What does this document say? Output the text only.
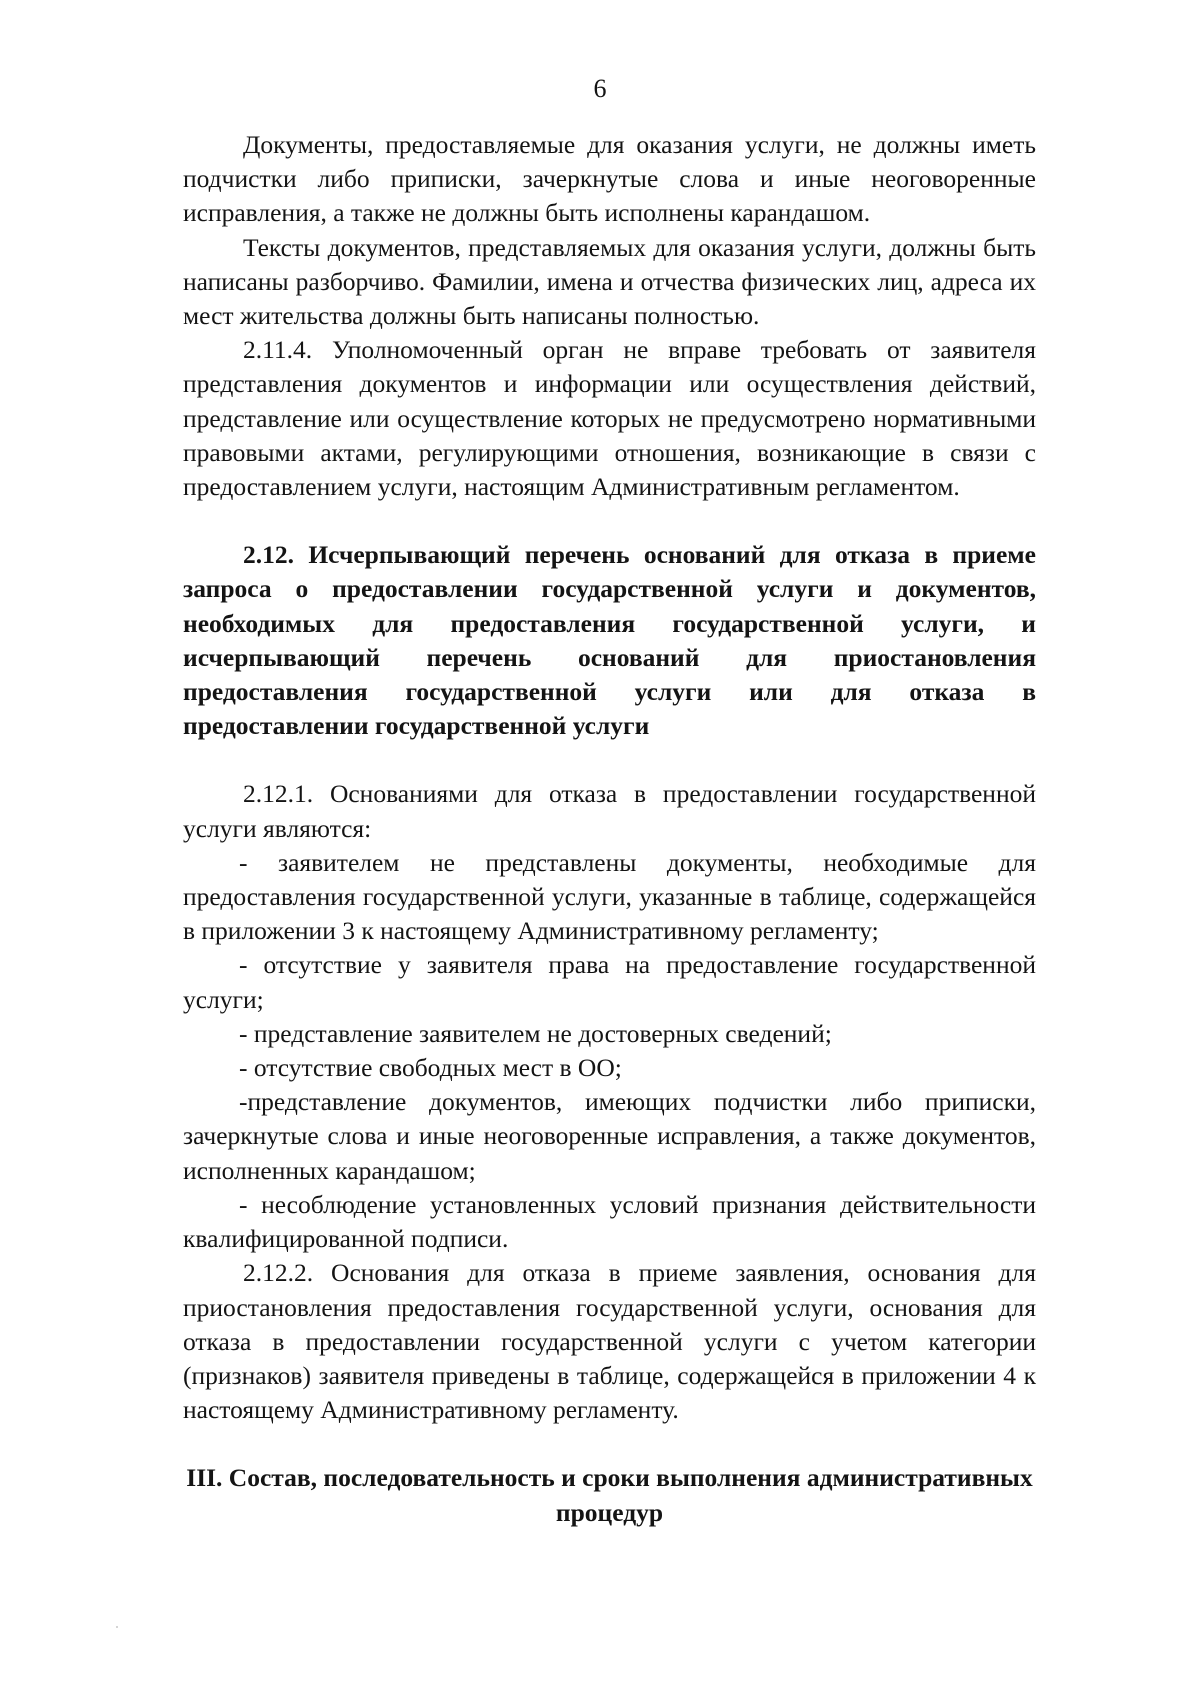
6

Документы, предоставляемые для оказания услуги, не должны иметь подчистки либо приписки, зачеркнутые слова и иные неоговоренные исправления, а также не должны быть исполнены карандашом.

Тексты документов, представляемых для оказания услуги, должны быть написаны разборчиво. Фамилии, имена и отчества физических лиц, адреса их мест жительства должны быть написаны полностью.

2.11.4. Уполномоченный орган не вправе требовать от заявителя представления документов и информации или осуществления действий, представление или осуществление которых не предусмотрено нормативными правовыми актами, регулирующими отношения, возникающие в связи с предоставлением услуги, настоящим Административным регламентом.

2.12. Исчерпывающий перечень оснований для отказа в приеме запроса о предоставлении государственной услуги и документов, необходимых для предоставления государственной услуги, и исчерпывающий перечень оснований для приостановления предоставления государственной услуги или для отказа в предоставлении государственной услуги

2.12.1. Основаниями для отказа в предоставлении государственной услуги являются:

- заявителем не представлены документы, необходимые для предоставления государственной услуги, указанные в таблице, содержащейся в приложении 3 к настоящему Административному регламенту;

- отсутствие у заявителя права на предоставление государственной услуги;

- представление заявителем не достоверных сведений;

- отсутствие свободных мест в ОО;

-представление документов, имеющих подчистки либо приписки, зачеркнутые слова и иные неоговоренные исправления, а также документов, исполненных карандашом;

- несоблюдение установленных условий признания действительности квалифицированной подписи.

2.12.2. Основания для отказа в приеме заявления, основания для приостановления предоставления государственной услуги, основания для отказа в предоставлении государственной услуги с учетом категории (признаков) заявителя приведены в таблице, содержащейся в приложении 4 к настоящему Административному регламенту.

III. Состав, последовательность и сроки выполнения административных процедур
